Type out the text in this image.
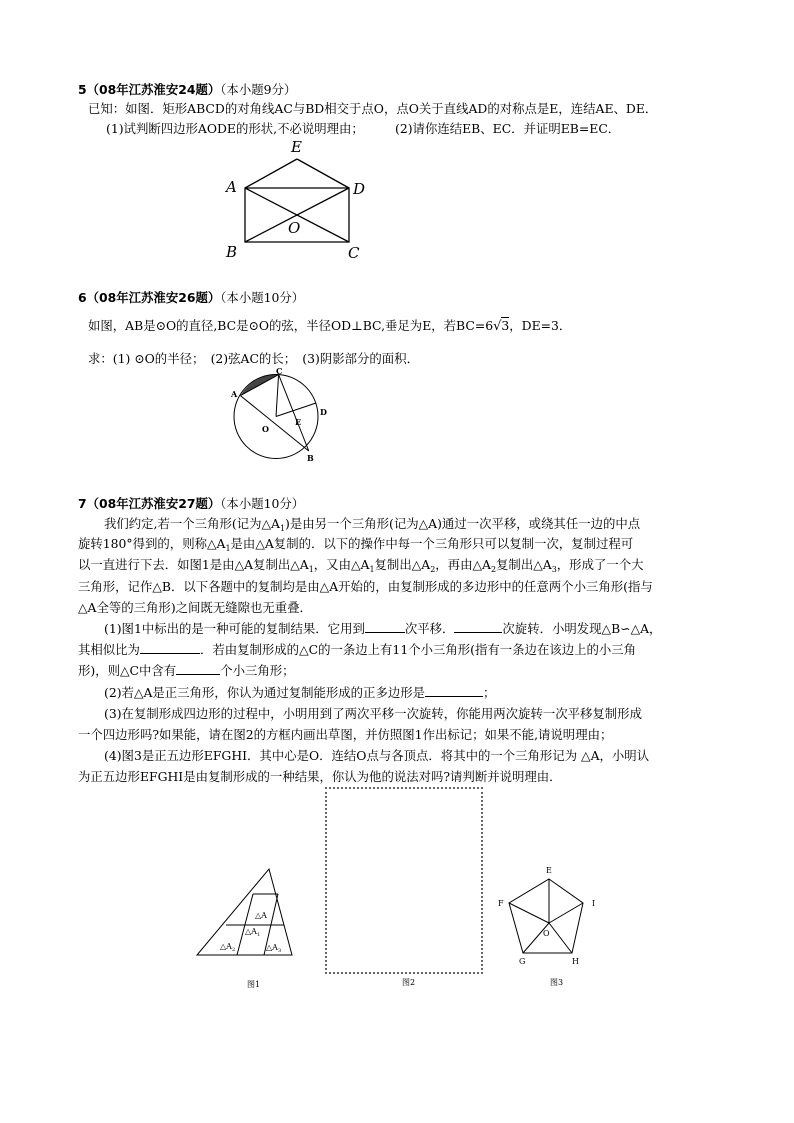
5（08年江苏淮安24题）（本小题9分）
已知：如图．矩形ABCD的对角线AC与BD相交于点O，点O关于直线AD的对称点是E，连结AE、DE．
(1)试判断四边形AODE的形状,不必说明理由；	(2)请你连结EB、EC．并证明EB=EC．
E
A	D
O
B	C
6（08年江苏淮安26题）（本小题10分）
如图，AB是⊙O的直径,BC是⊙O的弦，半径OD⊥BC,垂足为E，若BC=6√3，DE=3．
求：(1) ⊙O的半径；　(2)弦AC的长；　(3)阴影部分的面积．
A
C
D
E
O
B
7（08年江苏淮安27题）（本小题10分）
我们约定,若一个三角形(记为$\triangle A_1$)是由另一个三角形(记为△A)通过一次平移，或绕其任一边的中点
旋转180°得到的，则称$\triangle A_1$是由△A复制的．以下的操作中每一个三角形只可以复制一次，复制过程可
以一直进行下去．如图1是由△A复制出$\triangle A_1$，又由$\triangle A_1$复制出$\triangle A_2$，再由$\triangle A_2$复制出$\triangle A_3$，形成了一个大
三角形，记作△B．以下各题中的复制均是由△A开始的，由复制形成的多边形中的任意两个小三角形(指与
△A全等的三角形)之间既无缝隙也无重叠．
(1)图1中标出的是一种可能的复制结果．它用到	次平移．	次旋转．小明发现△B∽△A，
其相似比为	．若由复制形成的△C的一条边上有11个小三角形(指有一条边在该边上的小三角
形)，则△C中含有	个小三角形；
(2)若△A是正三角形，你认为通过复制能形成的正多边形是	；
(3)在复制形成四边形的过程中，小明用到了两次平移一次旋转，你能用两次旋转一次平移复制形成
一个四边形吗?如果能，请在图2的方框内画出草图，并仿照图1作出标记；如果不能,请说明理由；
(4)图3是正五边形EFGHI．其中心是O．连结O点与各顶点．将其中的一个三角形记为 △A，小明认
为正五边形EFGHI是由复制形成的一种结果，你认为他的说法对吗?请判断并说明理由．
△A
$\triangle A_1$
$\triangle A_2$	$\triangle A_3$
图1	图2
E
F	I
O
G	H
图3
